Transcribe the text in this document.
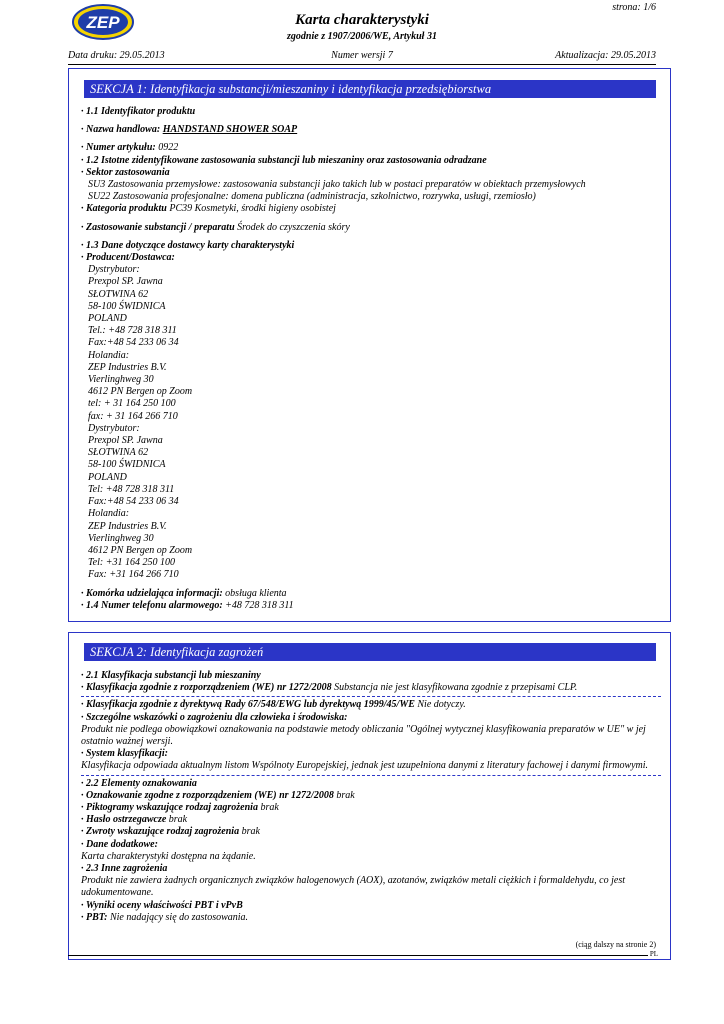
ZEP
strona: 1/6
Karta charakterystyki
zgodnie z 1907/2006/WE, Artykuł 31
Data druku: 29.05.2013	Numer wersji 7	Aktualizacja: 29.05.2013
SEKCJA 1: Identyfikacja substancji/mieszaniny i identyfikacja przedsiębiorstwa

· 1.1 Identyfikator produktu

· Nazwa handlowa: HANDSTAND SHOWER SOAP

· Numer artykułu: 0922

· 1.2 Istotne zidentyfikowane zastosowania substancji lub mieszaniny oraz zastosowania odradzane

· Sektor zastosowania

SU3 Zastosowania przemysłowe: zastosowania substancji jako takich lub w postaci preparatów w obiektach przemysłowych

SU22 Zastosowania profesjonalne: domena publiczna (administracja, szkolnictwo, rozrywka, usługi, rzemiosło)

· Kategoria produktu PC39 Kosmetyki, środki higieny osobistej

· Zastosowanie substancji / preparatu Środek do czyszczenia skóry

· 1.3 Dane dotyczące dostawcy karty charakterystyki

· Producent/Dostawca:

Dystrybutor:

Prexpol SP. Jawna

SŁOTWINA 62

58-100 ŚWIDNICA

POLAND

Tel.: +48 728 318 311

Fax:+48 54 233 06 34

Holandia:

ZEP Industries B.V.

Vierlinghweg 30

4612 PN Bergen op Zoom

tel: + 31 164 250 100

fax: + 31 164 266 710

Dystrybutor:

Prexpol SP. Jawna

SŁOTWINA 62

58-100 ŚWIDNICA

POLAND

Tel: +48 728 318 311

Fax:+48 54 233 06 34

Holandia:

ZEP Industries B.V.

Vierlinghweg 30

4612 PN Bergen op Zoom

Tel: +31 164 250 100

Fax: +31 164 266 710

· Komórka udzielająca informacji: obsługa klienta

· 1.4 Numer telefonu alarmowego: +48 728 318 311

SEKCJA 2: Identyfikacja zagrożeń

· 2.1 Klasyfikacja substancji lub mieszaniny

· Klasyfikacja zgodnie z rozporządzeniem (WE) nr 1272/2008 Substancja nie jest klasyfikowana zgodnie z przepisami CLP.

· Klasyfikacja zgodnie z dyrektywą Rady 67/548/EWG lub dyrektywą 1999/45/WE Nie dotyczy.

· Szczególne wskazówki o zagrożeniu dla człowieka i środowiska:

Produkt nie podlega obowiązkowi oznakowania na podstawie metody obliczania "Ogólnej wytycznej klasyfikowania preparatów w UE" w jej ostatnio ważnej wersji.

· System klasyfikacji:

Klasyfikacja odpowiada aktualnym listom Wspólnoty Europejskiej, jednak jest uzupełniona danymi z literatury fachowej i danymi firmowymi.

· 2.2 Elementy oznakowania

· Oznakowanie zgodne z rozporządzeniem (WE) nr 1272/2008 brak

· Piktogramy wskazujące rodzaj zagrożenia brak

· Hasło ostrzegawcze brak

· Zwroty wskazujące rodzaj zagrożenia brak

· Dane dodatkowe:

Karta charakterystyki dostępna na żądanie.

· 2.3 Inne zagrożenia

Produkt nie zawiera żadnych organicznych związków halogenowych (AOX), azotanów, związków metali ciężkich i formaldehydu, co jest udokumentowane.

· Wyniki oceny właściwości PBT i vPvB

· PBT: Nie nadający się do zastosowania.

(ciąg dalszy na stronie 2)
PL
